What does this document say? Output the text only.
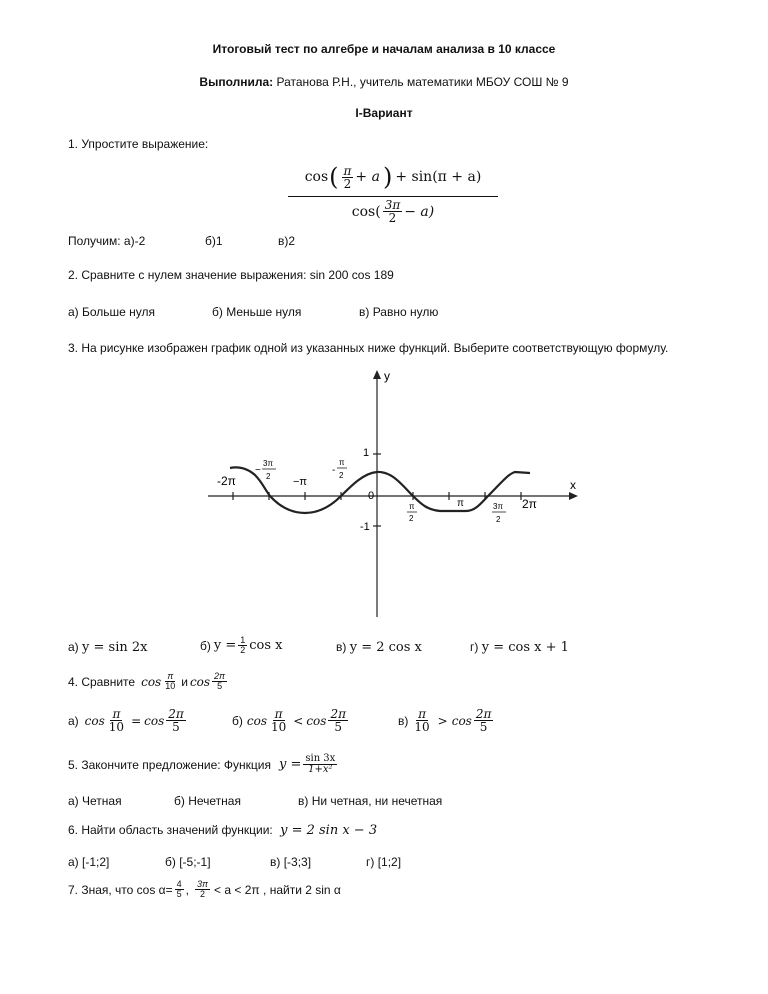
Итоговый тест по алгебре и началам анализа в 10 классе
Выполнила: Ратанова Р.Н., учитель математики МБОУ СОШ № 9
I-Вариант
1. Упростите выражение:
cos ( $\frac{\pi}{2} + a$ ) + sin(π + a)
$\cos( \frac{3\pi}{2} - a)$
Получим: а)-2	б)1	в)2
2. Сравните с нулем значение выражения: sin 200 cos 189
а) Больше нуля	б) Меньше нуля	в) Равно нулю
3. На рисунке изображен график одной из указанных ниже функций. Выберите соответствующую формулу.
y
x
0
1
-1
-2π
−
3π
2 −π
-
π
2
π
2
π	3π
2
2π
а) y = sin 2x	б) $y = \frac{1}{2}$ cos x	в) y = 2 cos x	г) y = cos x + 1
4. Сравните $\cos \frac{\pi}{10}$ и $\cos \frac{2\pi}{5}$
а) $\cos \frac{\pi}{10} = \cos \frac{2\pi}{5}$	б) $\cos \frac{\pi}{10} < \cos \frac{2\pi}{5}$	$в) \frac{\pi}{10} > \cos \frac{2\pi}{5}$
5. Закончите предложение: Функция $y = \frac{\sin 3x}{\text{1+x²}}$
а) Четная	б) Нечетная	в) Ни четная, ни нечетная
6. Найти область значений функции: y = 2 sin x − 3
а) [-1;2]	б) [-5;-1]	в) [-3;3]	г) [1;2]
7. Зная, что $\cos \alpha= \frac{4}{5}$ , $\frac{3\pi}{2} < a < 2\pi$ , найти 2 sin α
